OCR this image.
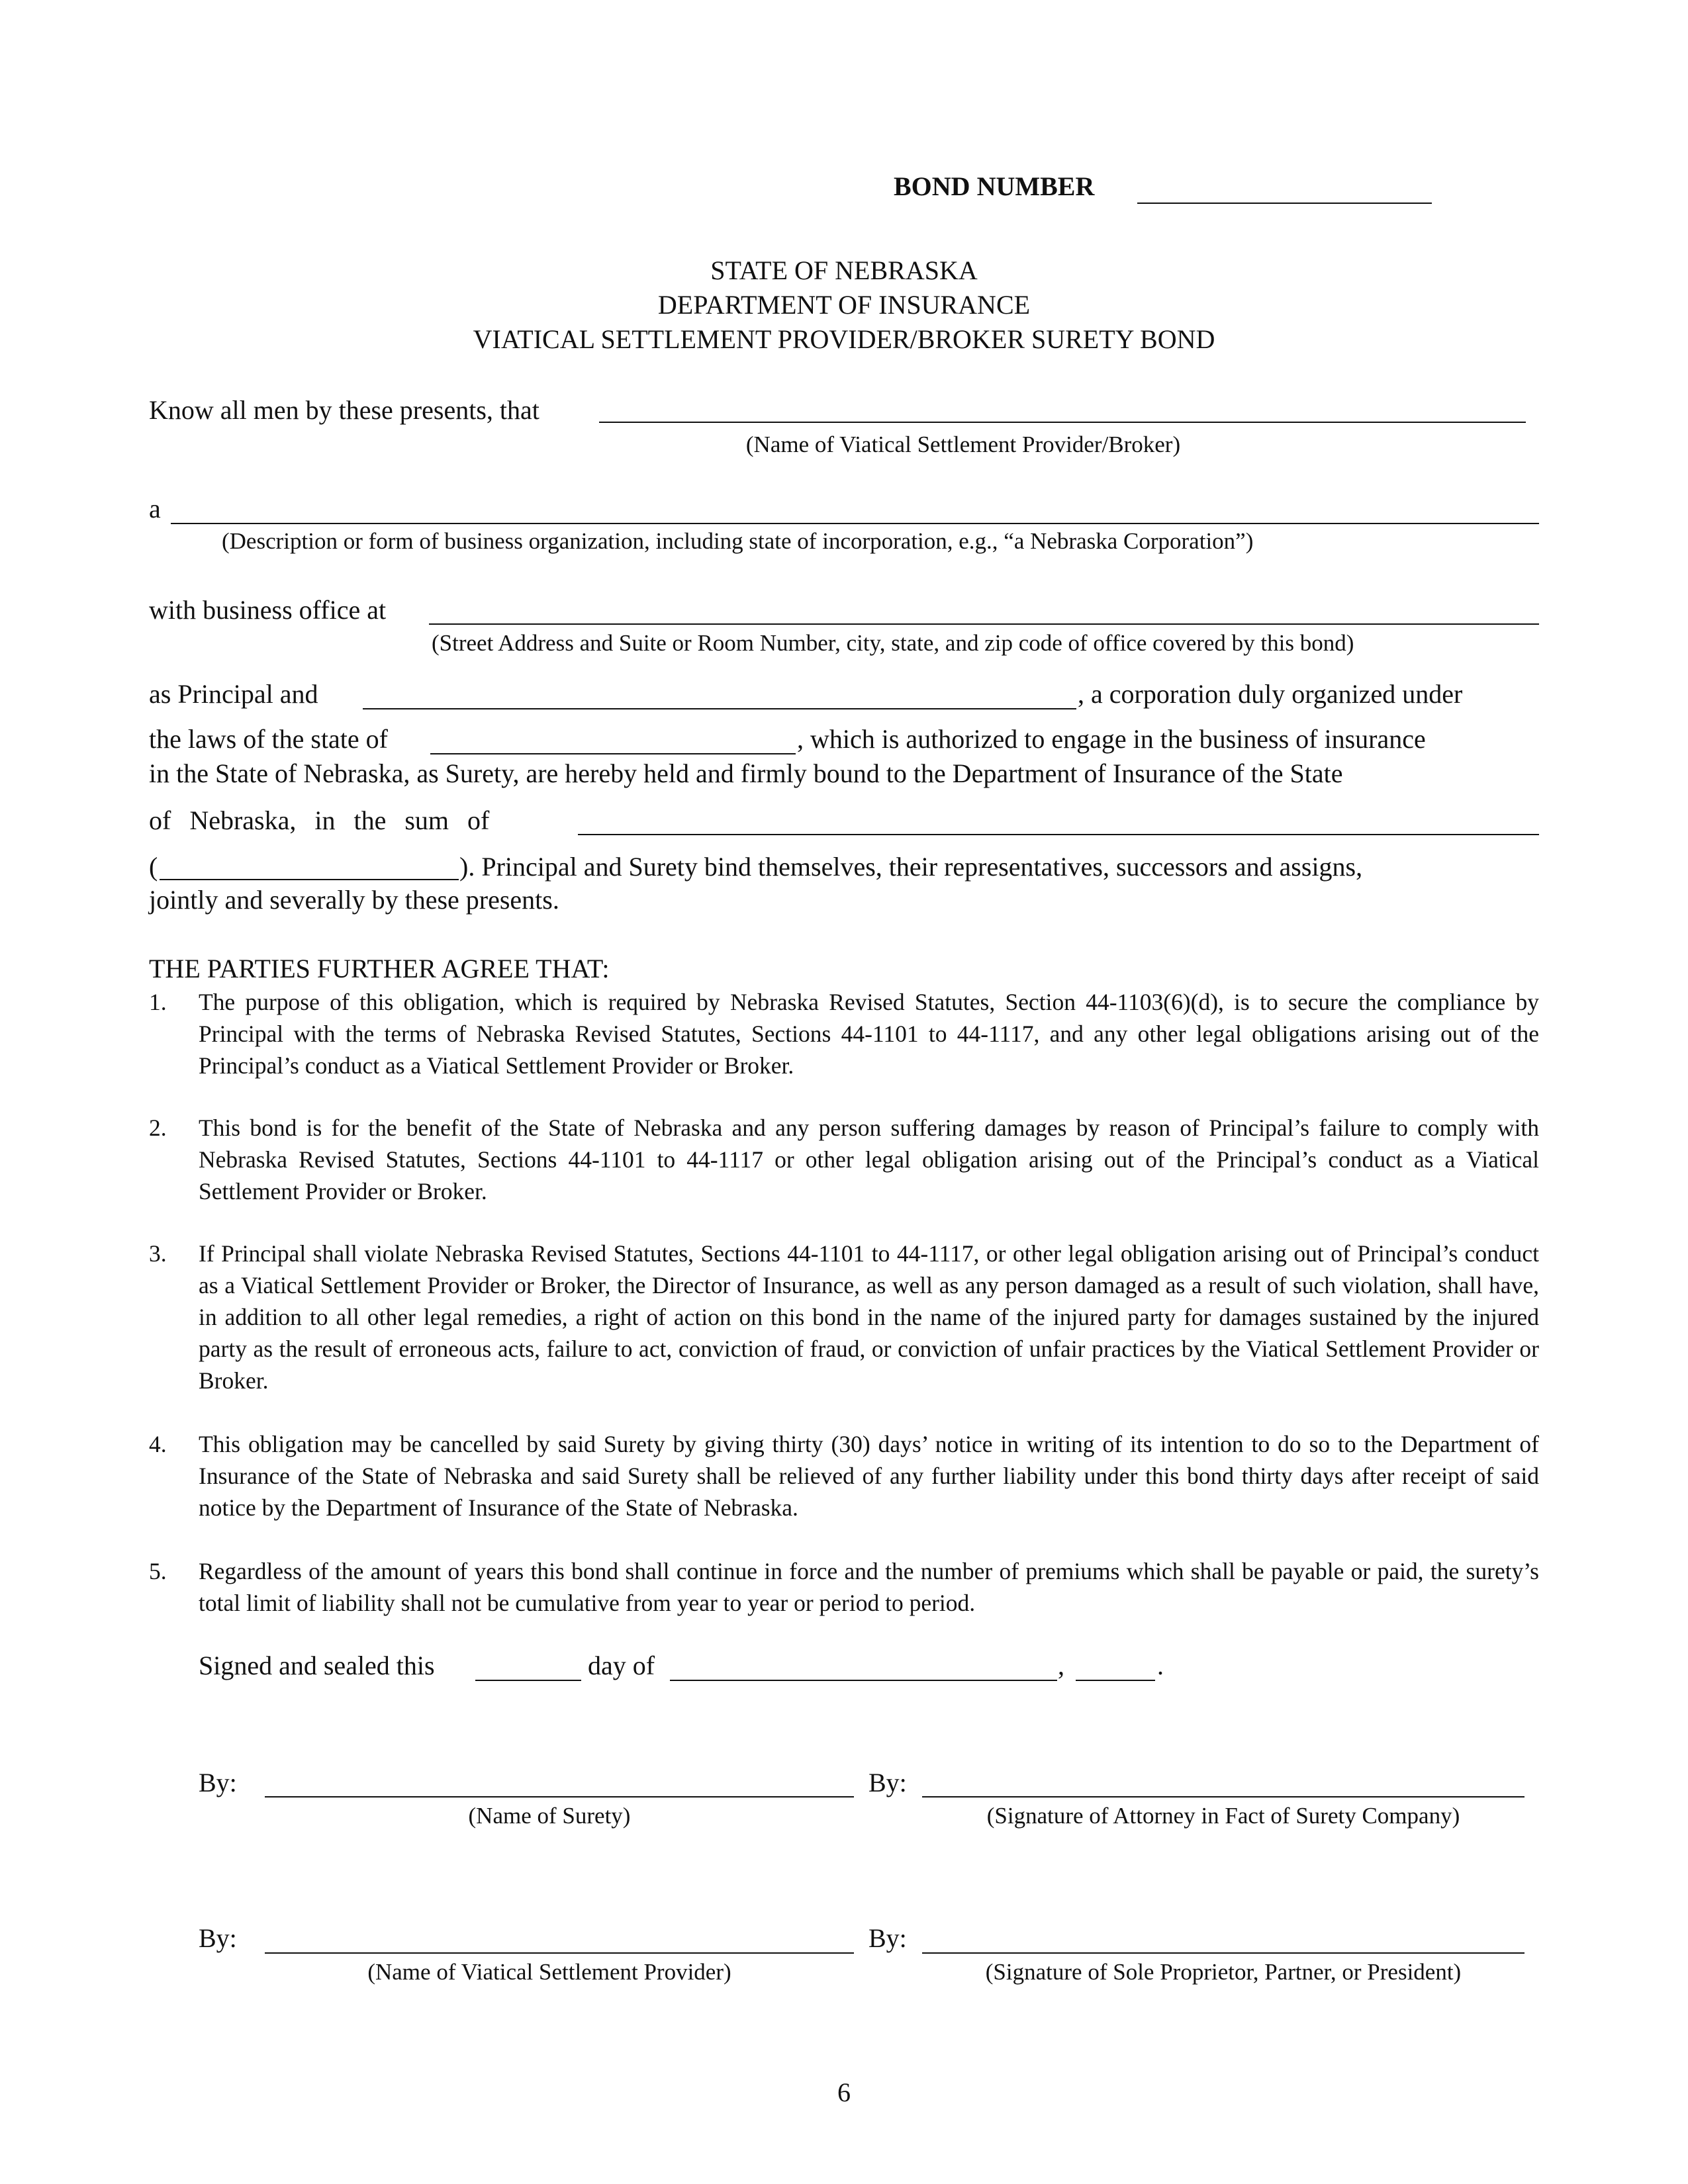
BOND NUMBER
STATE OF NEBRASKA
DEPARTMENT OF INSURANCE
VIATICAL SETTLEMENT PROVIDER/BROKER SURETY BOND
Know all men by these presents, that
(Name of Viatical Settlement Provider/Broker)
a
(Description or form of business organization, including state of incorporation, e.g., “a Nebraska Corporation”)
with business office at
(Street Address and Suite or Room Number, city, state, and zip code of office covered by this bond)
as Principal and	, a corporation duly organized under
the laws of the state of	, which is authorized to engage in the business of insurance
in the State of Nebraska, as Surety, are hereby held and firmly bound to the Department of Insurance of the State
of Nebraska, in the sum of
(	). Principal and Surety bind themselves, their representatives, successors and assigns,
jointly and severally by these presents.
THE PARTIES FURTHER AGREE THAT:
1. The purpose of this obligation, which is required by Nebraska Revised Statutes, Section 44-1103(6)(d), is to secure the compliance by Principal with the terms of Nebraska Revised Statutes, Sections 44-1101 to 44-1117, and any other legal obligations arising out of the Principal’s conduct as a Viatical Settlement Provider or Broker.
2. This bond is for the benefit of the State of Nebraska and any person suffering damages by reason of Principal’s failure to comply with Nebraska Revised Statutes, Sections 44-1101 to 44-1117 or other legal obligation arising out of the Principal’s conduct as a Viatical Settlement Provider or Broker.
3. If Principal shall violate Nebraska Revised Statutes, Sections 44-1101 to 44-1117, or other legal obligation arising out of Principal’s conduct as a Viatical Settlement Provider or Broker, the Director of Insurance, as well as any person damaged as a result of such violation, shall have, in addition to all other legal remedies, a right of action on this bond in the name of the injured party for damages sustained by the injured party as the result of erroneous acts, failure to act, conviction of fraud, or conviction of unfair practices by the Viatical Settlement Provider or Broker.
4. This obligation may be cancelled by said Surety by giving thirty (30) days’ notice in writing of its intention to do so to the Department of Insurance of the State of Nebraska and said Surety shall be relieved of any further liability under this bond thirty days after receipt of said notice by the Department of Insurance of the State of Nebraska.
5. Regardless of the amount of years this bond shall continue in force and the number of premiums which shall be payable or paid, the surety’s total limit of liability shall not be cumulative from year to year or period to period.
Signed and sealed this	day of	,	.
By:
(Name of Surety)
By:
(Signature of Attorney in Fact of Surety Company)
By:
(Name of Viatical Settlement Provider)
By:
(Signature of Sole Proprietor, Partner, or President)
6
